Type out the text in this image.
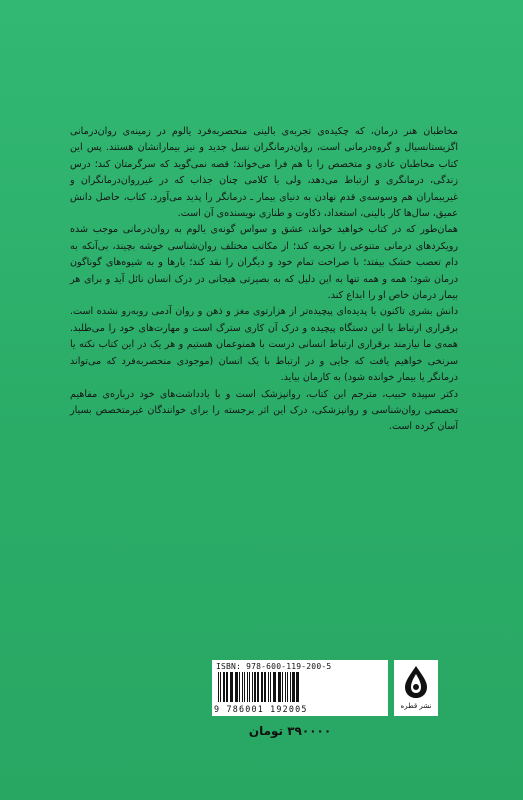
مخاطبان هنر درمان، که چکیده‌ی تجربه‌ی بالینی منحصربه‌فرد یالوم در زمینه‌ی روان‌درمانی اگزیستانسیال و گروه‌درمانی است، روان‌درمانگران نسل جدید و نیز بیمارانشان هستند. پس این کتاب مخاطبان عادی و متخصص را با هم فرا می‌خواند؛ قصه نمی‌گوید که سرگرمتان کند؛ درس زندگی، درمانگری و ارتباط می‌دهد، ولی با کلامی چنان جذاب که در غیرروان‌درمانگران و غیربیماران هم وسوسه‌ی قدم نهادن به دنیای بیمار ـ درمانگر را پدید می‌آورد. کتاب، حاصل دانش عمیق، سال‌ها کار بالینی، استعداد، ذکاوت و طنازی نویسنده‌ی آن است.

همان‌طور که در کتاب خواهید خواند، عشق و سواس گونه‌ی یالوم به روان‌درمانی موجب شده رویکردهای درمانی متنوعی را تجربه کند؛ از مکاتب مختلف روان‌شناسی خوشه بچیند، بی‌آنکه به دام تعصب خشک بیفتد؛ با صراحت تمام خود و دیگران را نقد کند؛ بارها و به شیوه‌های گوناگون درمان شود؛ همه و همه تنها به این دلیل که به بصیرتی هیجانی در درک انسان نائل آید و برای هر بیمار درمان خاص او را ابداع کند.

دانش بشری تاکنون با پدیده‌ای پیچیده‌تر از هزارتوی مغز و ذهن و روان آدمی روبه‌رو نشده است. برقراری ارتباط با این دستگاه پیچیده و درک آن کاری سترگ است و مهارت‌های خود را می‌طلبد. همه‌ی ما نیازمند برقراری ارتباط انسانی درست با همنوعمان هستیم و هر یک در این کتاب نکته یا سرنخی خواهیم یافت که جایی و در ارتباط با یک انسان (موجودی منحصربه‌فرد که می‌تواند درمانگر یا بیمار خوانده شود) به کارمان بیاید.

دکتر سپیده حبیب، مترجم این کتاب، روانپزشک است و با یادداشت‌های خود درباره‌ی مفاهیم تخصصی روان‌شناسی و روانپزشکی، درک این اثر برجسته را برای خوانندگان غیرمتخصص بسیار آسان کرده است.

ISBN: 978-600-119-200-5
9 786001 192005	نشر قطره
۳۹۰۰۰۰ تومان
